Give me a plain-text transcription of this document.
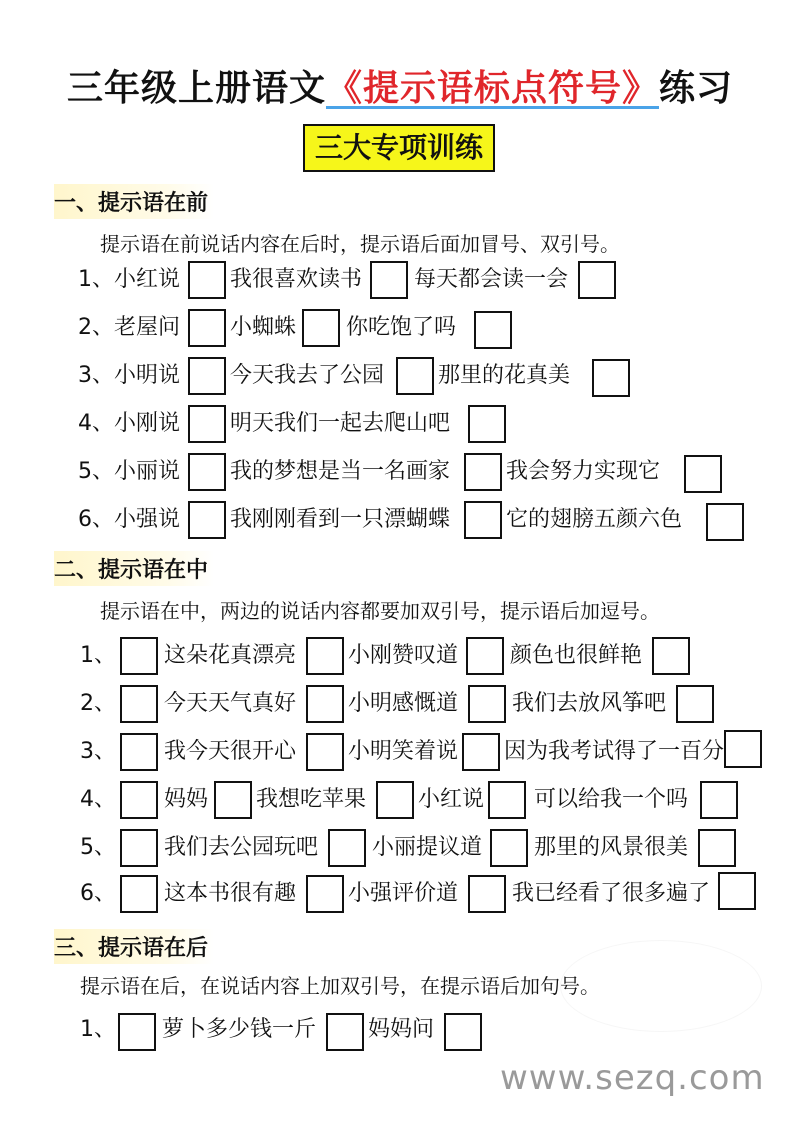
三年级上册语文《提示语标点符号》练习
三大专项训练
一、提示语在前
提示语在前说话内容在后时，提示语后面加冒号、双引号。
1、 小红说 我很喜欢读书 每天都会读一会
2、 老屋问 小蜘蛛 你吃饱了吗
3、 小明说 今天我去了公园 那里的花真美
4、 小刚说 明天我们一起去爬山吧
5、 小丽说 我的梦想是当一名画家	我会努力实现它
6、 小强说 我刚刚看到一只漂蝴蝶	它的翅膀五颜六色
二、提示语在中
提示语在中，两边的说话内容都要加双引号，提示语后加逗号。
1、 这朵花真漂亮 小刚赞叹道 颜色也很鲜艳
2、 今天天气真好 小明感慨道 我们去放风筝吧
3、 我今天很开心 小明笑着说 因为我考试得了一百分
4、 妈妈 我想吃苹果 小红说 可以给我一个吗
5、 我们去公园玩吧 小丽提议道 那里的风景很美
6、 这本书很有趣 小强评价道 我已经看了很多遍了
三、提示语在后
提示语在后，在说话内容上加双引号，在提示语后加句号。
1、 萝卜多少钱一斤 妈妈问
www.sezq.com
